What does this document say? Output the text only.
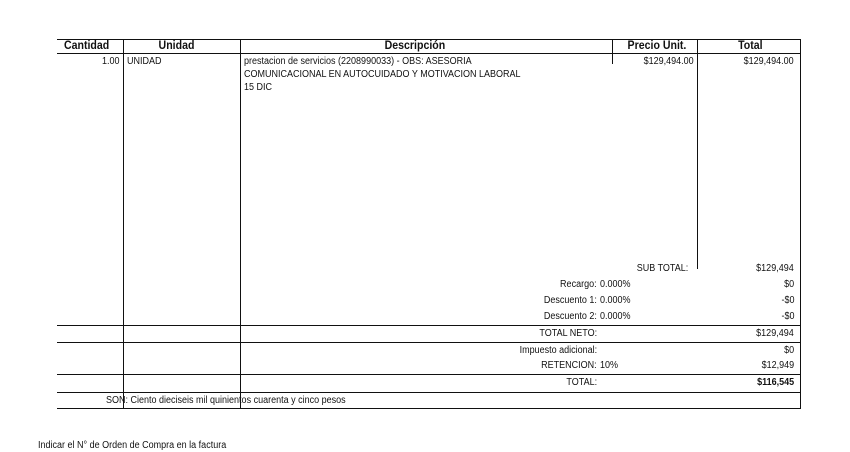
Cantidad	Unidad	Descripción	Precio Unit.	Total
1.00 UNIDAD	prestacion de servicios (2208990033) - OBS: ASESORIA
COMUNICACIONAL EN AUTOCUIDADO Y MOTIVACION LABORAL
15 DIC
$129,494.00	$129,494.00
SUB TOTAL:	$129,494
Recargo: 0.000%	$0
Descuento 1: 0.000%	-$0
Descuento 2: 0.000%	-$0
TOTAL NETO:	$129,494
Impuesto adicional:	$0
RETENCION: 10%	$12,949
TOTAL:	$116,545
SON: Ciento dieciseis mil quinientos cuarenta y cinco pesos
Indicar el N° de Orden de Compra en la factura
